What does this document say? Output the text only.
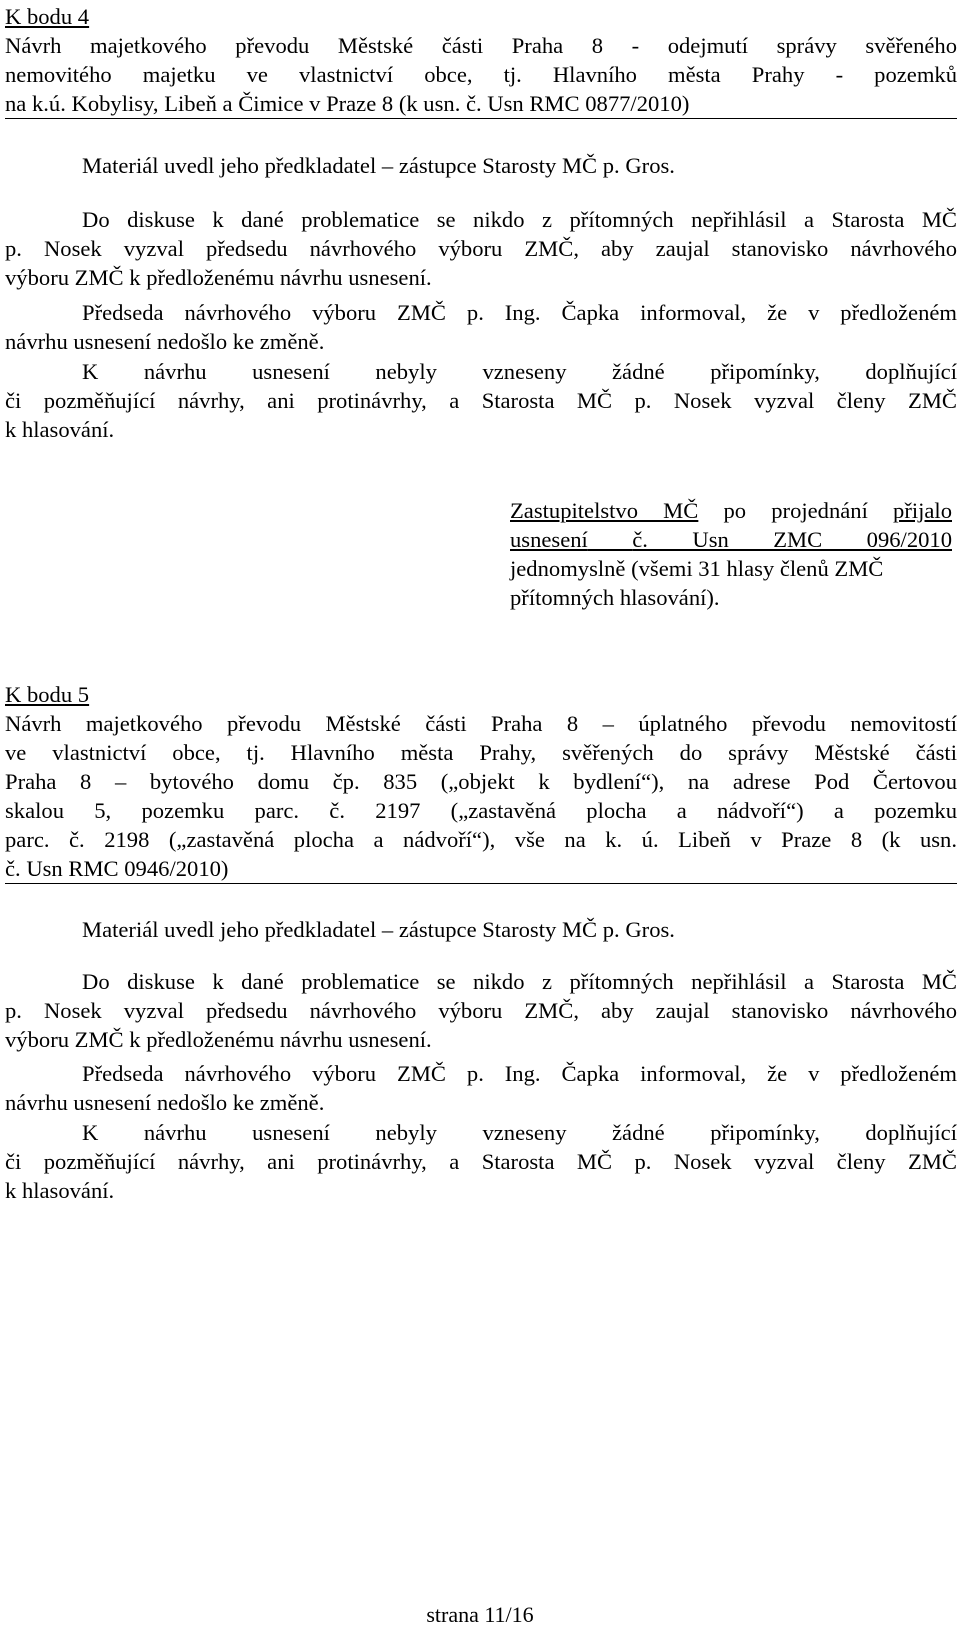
K bodu 4
Návrh majetkového převodu Městské části Praha 8 - odejmutí správy svěřeného
nemovitého majetku ve vlastnictví obce, tj. Hlavního města Prahy - pozemků
na k.ú. Kobylisy, Libeň a Čimice v Praze 8 (k usn. č. Usn RMC 0877/2010)
Materiál uvedl jeho předkladatel – zástupce Starosty MČ p. Gros.
Do diskuse k dané problematice se nikdo z přítomných nepřihlásil a Starosta MČ
p. Nosek vyzval předsedu návrhového výboru ZMČ, aby zaujal stanovisko návrhového
výboru ZMČ k předloženému návrhu usnesení.
Předseda návrhového výboru ZMČ p. Ing. Čapka informoval, že v předloženém
návrhu usnesení nedošlo ke změně.
K návrhu usnesení nebyly vzneseny žádné připomínky, doplňující
či pozměňující návrhy, ani protinávrhy, a Starosta MČ p. Nosek vyzval členy ZMČ
k hlasování.
Zastupitelstvo MČ po projednání přijalo
usnesení č. Usn ZMC 096/2010
jednomyslně (všemi 31 hlasy členů ZMČ
přítomných hlasování).
K bodu 5
Návrh majetkového převodu Městské části Praha 8 – úplatného převodu nemovitostí
ve vlastnictví obce, tj. Hlavního města Prahy, svěřených do správy Městské části
Praha 8 – bytového domu čp. 835 („objekt k bydlení“), na adrese Pod Čertovou
skalou 5, pozemku parc. č. 2197 („zastavěná plocha a nádvoří“) a pozemku
parc. č. 2198 („zastavěná plocha a nádvoří“), vše na k. ú. Libeň v Praze 8 (k usn.
č. Usn RMC 0946/2010)
Materiál uvedl jeho předkladatel – zástupce Starosty MČ p. Gros.
Do diskuse k dané problematice se nikdo z přítomných nepřihlásil a Starosta MČ
p. Nosek vyzval předsedu návrhového výboru ZMČ, aby zaujal stanovisko návrhového
výboru ZMČ k předloženému návrhu usnesení.
Předseda návrhového výboru ZMČ p. Ing. Čapka informoval, že v předloženém
návrhu usnesení nedošlo ke změně.
K návrhu usnesení nebyly vzneseny žádné připomínky, doplňující
či pozměňující návrhy, ani protinávrhy, a Starosta MČ p. Nosek vyzval členy ZMČ
k hlasování.
strana 11/16
